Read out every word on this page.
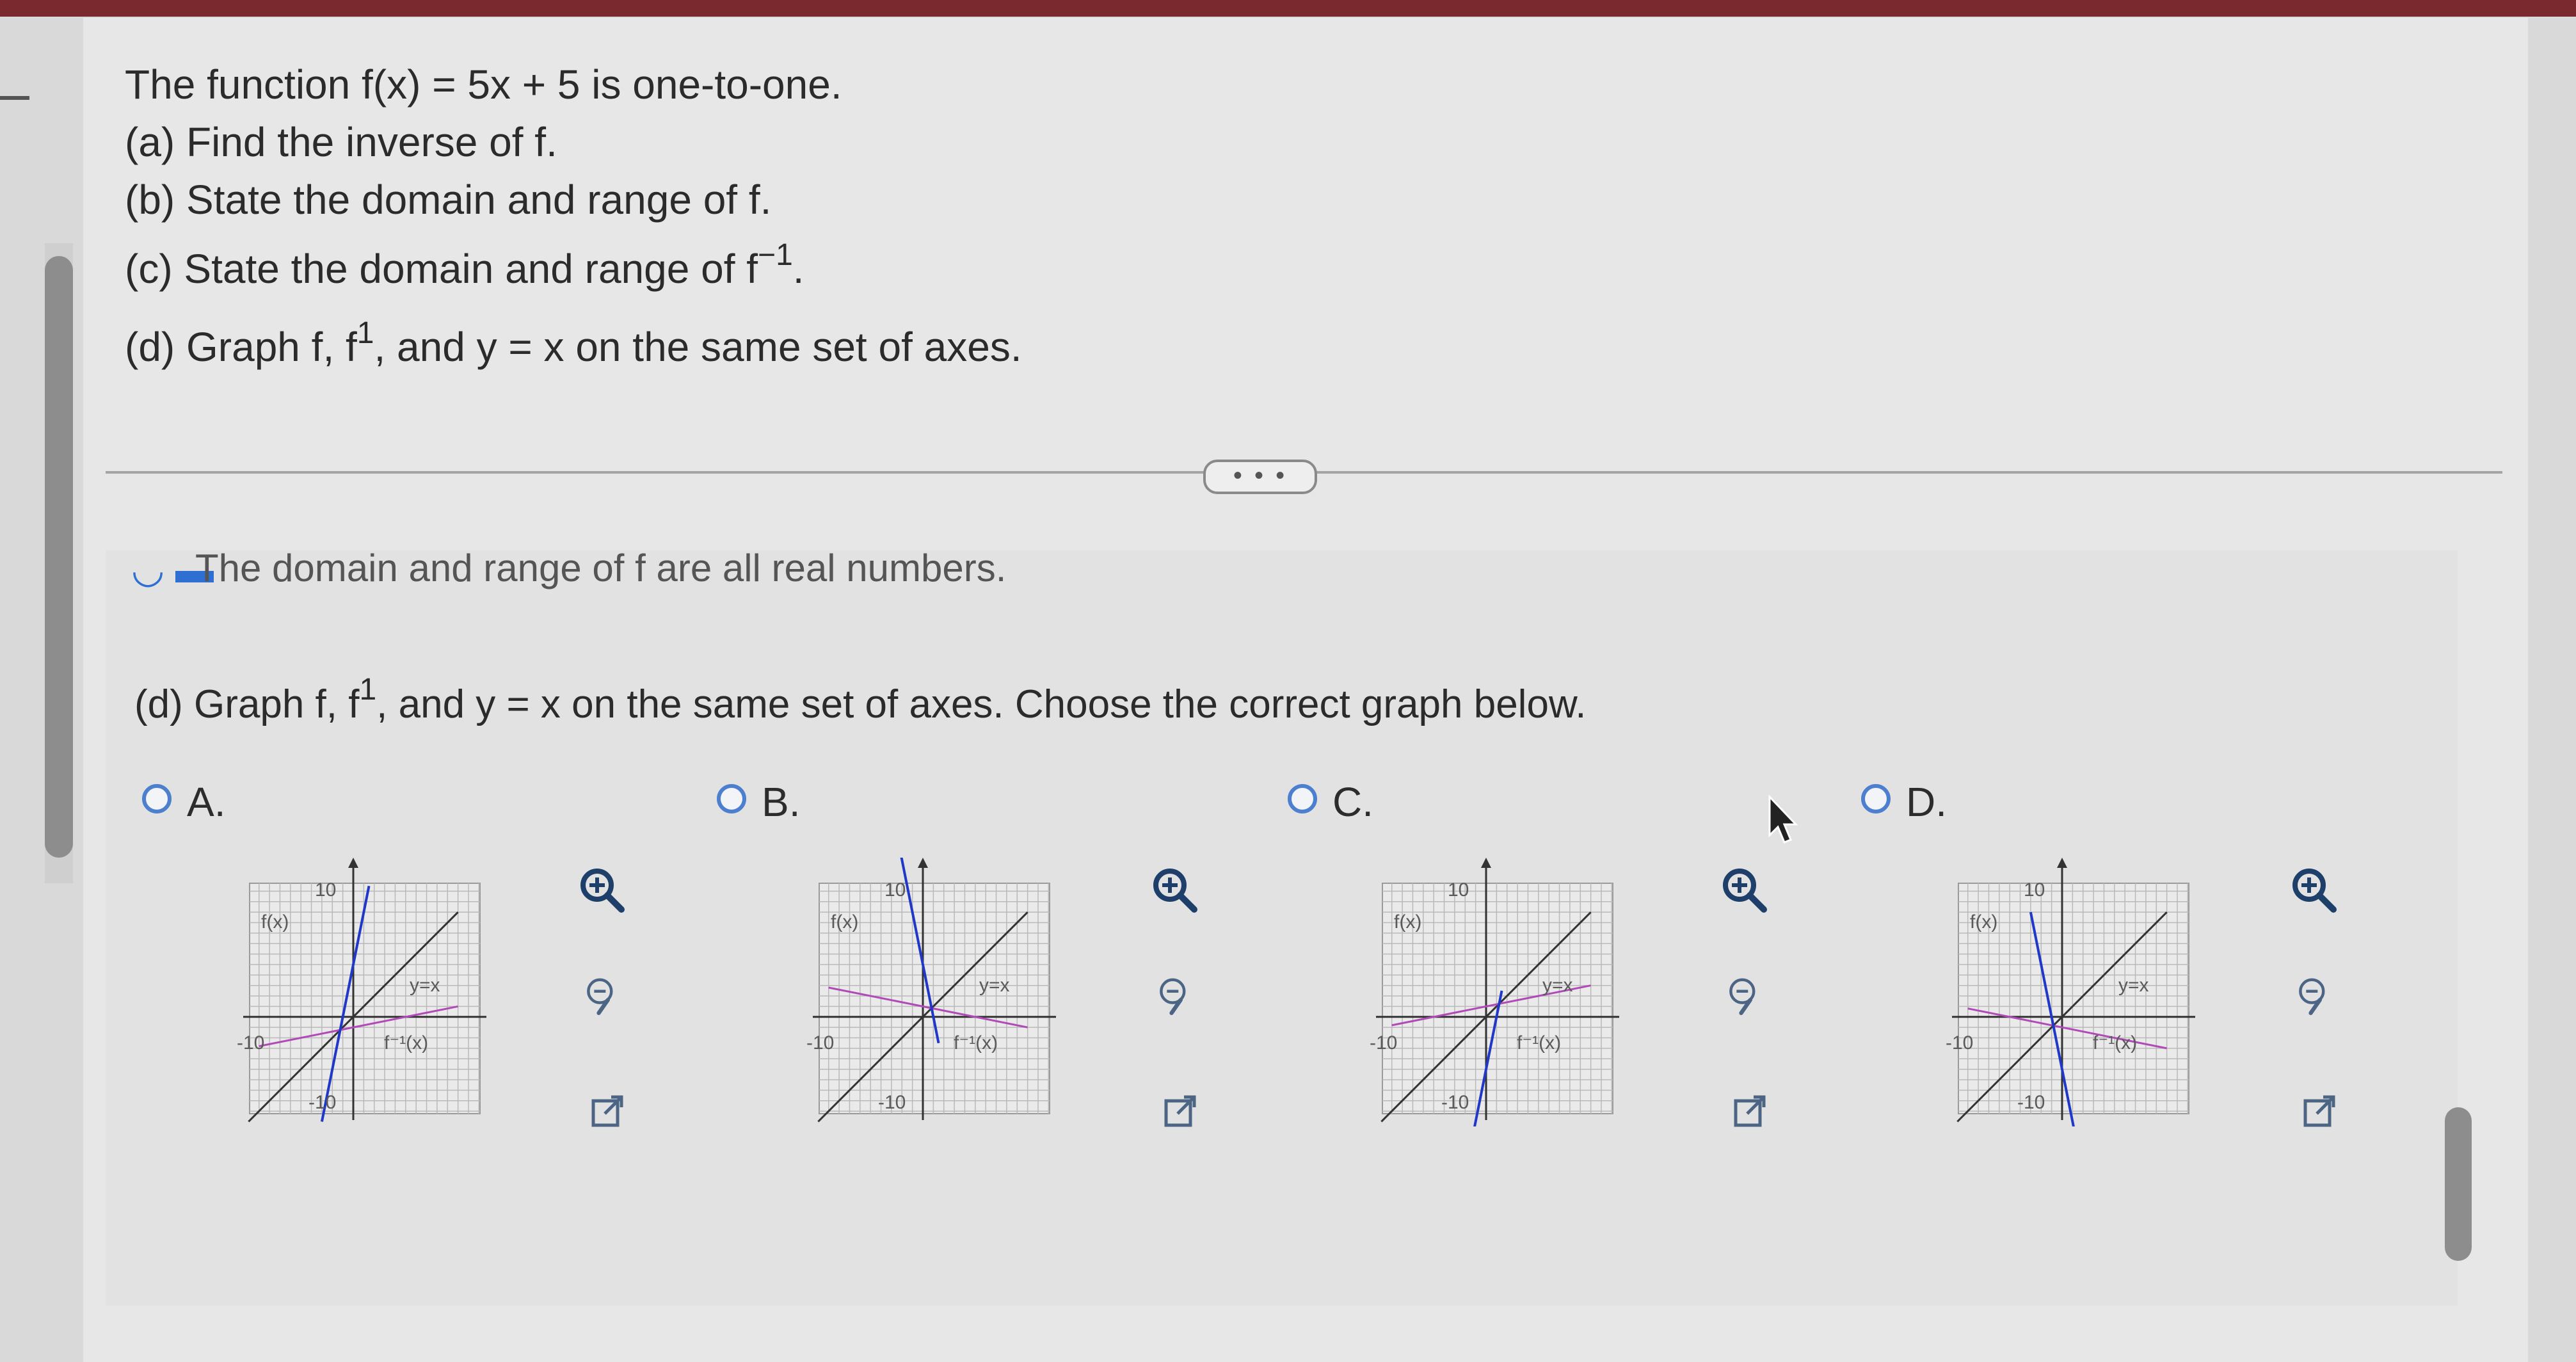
The function f(x) = 5x + 5 is one-to-one.
(a) Find the inverse of f.
(b) State the domain and range of f.
(c) State the domain and range of $f^{-1}$.
(d) Graph f, $f^1$, and y = x on the same set of axes.
• • •
◡ ▬
The domain and range of f are all real numbers.
(d) Graph f, $f^1$, and y = x on the same set of axes. Choose the correct graph below.
A.
10
f(x)
y=x
-10	f⁻¹(x)
-10
B.
10
f(x)
y=x
-10	f⁻¹(x)
-10
C.
10
f(x)
y=x
-10	f⁻¹(x)
-10
D.
10
f(x)
y=x
-10	f⁻¹(x)
-10
